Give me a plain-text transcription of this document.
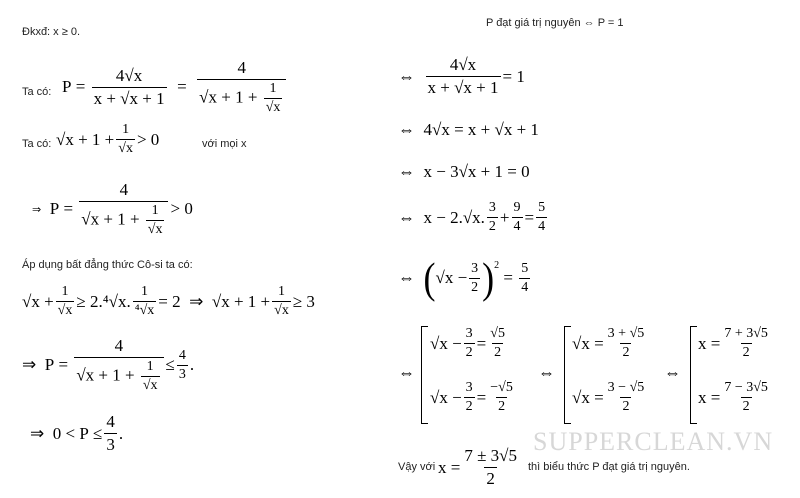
Đkxđ: x ≥ 0.
Ta có: $P = \frac{4√x}{x + √x + 1} = \frac{4}{√x + 1 + \frac{1}{√x}}$
Ta có: $√x + 1 + \frac{1}{√x} > 0$	với mọi x
⇒
$P = \frac{4}{√x + 1 + \frac{1}{√x}} > 0$
Áp dụng bất đẳng thức Cô-si ta có:
$√x + \frac{1}{√x} \ge 2$. ⁴√x . $\frac{1}{\text{⁴√x}} = 2$
⇒
$√x + 1 + \frac{1}{√x} \ge 3$
⇒
$P = \frac{4}{√x + 1 + \frac{1}{√x}} \le \frac{4}{3}$ .
⇒
0 < P
≤ $\frac{4}{3}$ .
P đạt giá trị nguyên ⇔ P = 1
⇔
$\frac{4√x}{x + √x + 1} = 1$
⇔
4√x = x + √x + 1
⇔
x − 3√x + 1 = 0
⇔
x − 2.√x. 3
$2 + \frac{9}{4} = \frac{5}{4}$
⇔
( $√x - \frac{3}{2}$ ) 2
= $\frac{5}{4}$
⇔
$√x - \frac{3}{2} = \frac{√5}{2}$
$√x - \frac{3}{2} = \frac{-√5}{2}$
⇔
$√x = \frac{3 + √5}{2}$
$√x = \frac{3 - √5}{2}$
⇔
$x = \frac{7 + 3√5}{2}$
$x = \frac{7 - 3√5}{2}$
SUPPERCLEAN.VN
Vậy với $x = \frac{7 \pm 3√5}{2}$ thì biểu thức P đạt giá trị nguyên.
